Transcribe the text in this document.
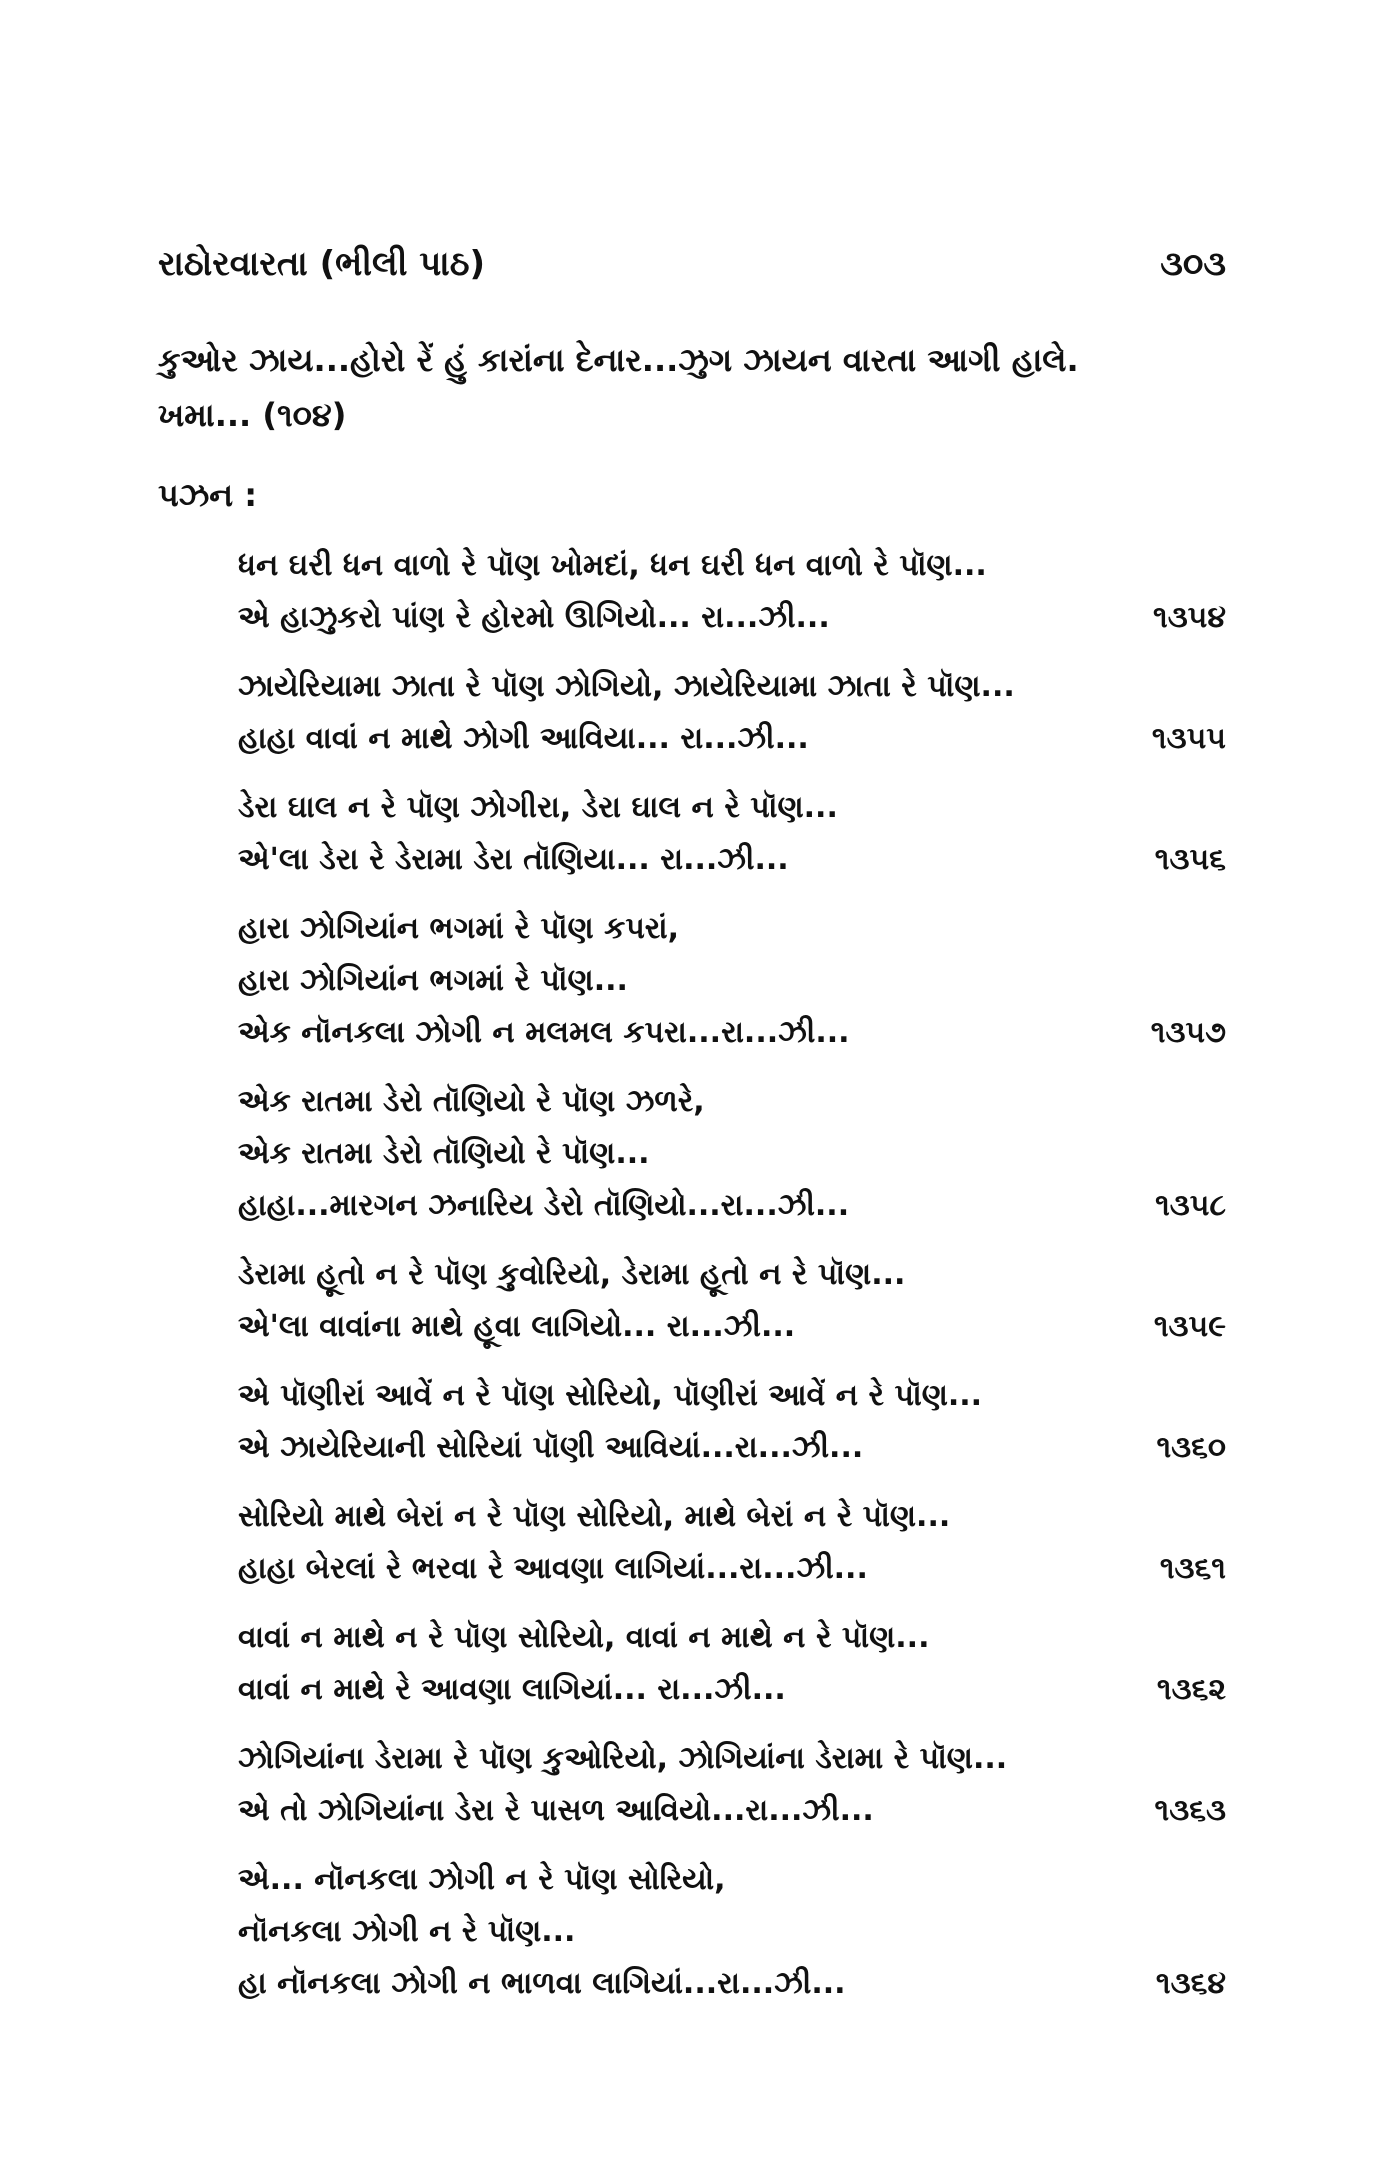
રાઠોરવારતા (ભીલી પાઠ)	૩૦૩
કુઓર ઝાય...હોરો રેં હું કારાંના દેનાર...ઝુગ ઝાયન વારતા આગી હાલે.
ખમા... (૧૦૪)
પઝન :
ધન ઘરી ધન વાળો રે પૉણ ખોમદાં, ધન ઘરી ધન વાળો રે પૉણ...
એ હાઝુકરો પાંણ રે હોરમો ઊગિયો... રા...ઝી...	૧૩૫૪
ઝાયેરિયામા ઝાતા રે પૉણ ઝોગિયો, ઝાયેરિયામા ઝાતા રે પૉણ...
હાહા વાવાં ન માથે ઝોગી આવિયા... રા...ઝી...	૧૩૫૫
ડેરા ઘાલ ન રે પૉણ ઝોગીરા, ડેરા ઘાલ ન રે પૉણ...
એ'લા ડેરા રે ડેરામા ડેરા તૉણિયા... રા...ઝી...	૧૩૫૬
હારા ઝોગિયાંન ભગમાં રે પૉણ કપરાં,
હારા ઝોગિયાંન ભગમાં રે પૉણ...
એક નૉનકલા ઝોગી ન મલમલ કપરા...રા...ઝી...	૧૩૫૭
એક રાતમા ડેરો તૉણિયો રે પૉણ ઝળરે,
એક રાતમા ડેરો તૉણિયો રે પૉણ...
હાહા...મારગન ઝનારિય ડેરો તૉણિયો...રા...ઝી...	૧૩૫૮
ડેરામા હૂતો ન રે પૉણ કુવોરિયો, ડેરામા હૂતો ન રે પૉણ...
એ'લા વાવાંના માથે હૂવા લાગિયો... રા...ઝી...	૧૩૫૯
એ પૉણીરાં આવેં ન રે પૉણ સોરિયો, પૉણીરાં આવેં ન રે પૉણ...
એ ઝાયેરિયાની સોરિયાં પૉણી આવિયાં...રા...ઝી...	૧૩૬૦
સોરિયો માથે બેરાં ન રે પૉણ સોરિયો, માથે બેરાં ન રે પૉણ...
હાહા બેરલાં રે ભરવા રે આવણા લાગિયાં...રા...ઝી...	૧૩૬૧
વાવાં ન માથે ન રે પૉણ સોરિયો, વાવાં ન માથે ન રે પૉણ...
વાવાં ન માથે રે આવણા લાગિયાં... રા...ઝી...	૧૩૬૨
ઝોગિયાંના ડેરામા રે પૉણ કુઓરિયો, ઝોગિયાંના ડેરામા રે પૉણ...
એ તો ઝોગિયાંના ડેરા રે પાસળ આવિયો...રા...ઝી...	૧૩૬૩
એ... નૉનકલા ઝોગી ન રે પૉણ સોરિયો,
નૉનકલા ઝોગી ન રે પૉણ...
હા નૉનકલા ઝોગી ન ભાળવા લાગિયાં...રા...ઝી...	૧૩૬૪
